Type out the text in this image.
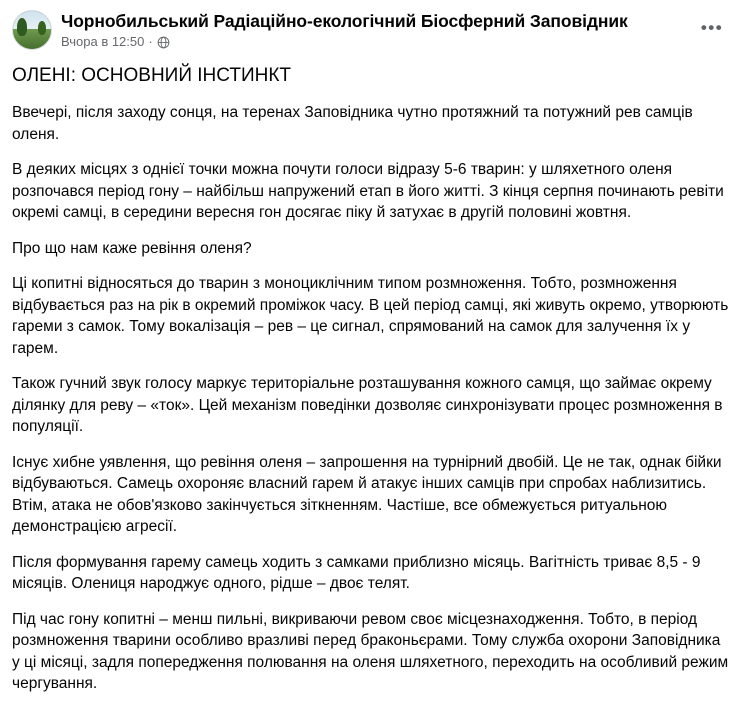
Чорнобильський Радіаційно-екологічний Біосферний Заповідник
Вчора в 12:50 ·
•••
ОЛЕНІ: ОСНОВНИЙ ІНСТИНКТ

Ввечері, після заходу сонця, на теренах Заповідника чутно протяжний та потужний рев самців оленя.

В деяких місцях з однієї точки можна почути голоси відразу 5-6 тварин: у шляхетного оленя розпочався період гону – найбільш напружений етап в його житті. З кінця серпня починають ревіти окремі самці, в середини вересня гон досягає піку й затухає в другій половині жовтня.

Про що нам каже ревіння оленя?

Ці копитні відносяться до тварин з моноциклічним типом розмноження. Тобто, розмноження відбувається раз на рік в окремий проміжок часу. В цей період самці, які живуть окремо, утворюють гареми з самок. Тому вокалізація – рев – це сигнал, спрямований на самок для залучення їх у гарем.

Також гучний звук голосу маркує територіальне розташування кожного самця, що займає окрему ділянку для реву – «ток». Цей механізм поведінки дозволяє синхронізувати процес розмноження в популяції.

Існує хибне уявлення, що ревіння оленя – запрошення на турнірний двобій. Це не так, однак бійки відбуваються. Самець охороняє власний гарем й атакує інших самців при спробах наблизитись. Втім, атака не обов'язково закінчується зіткненням. Частіше, все обмежується ритуальною демонстрацією агресії.

Після формування гарему самець ходить з самками приблизно місяць. Вагітність триває 8,5 - 9 місяців. Олениця народжує одного, рідше – двоє телят.

Під час гону копитні – менш пильні, викриваючи ревом своє місцезнаходження. Тобто, в період розмноження тварини особливо вразливі перед браконьєрами. Тому служба охорони Заповідника у ці місяці, задля попередження полювання на оленя шляхетного, переходить на особливий режим чергування.
